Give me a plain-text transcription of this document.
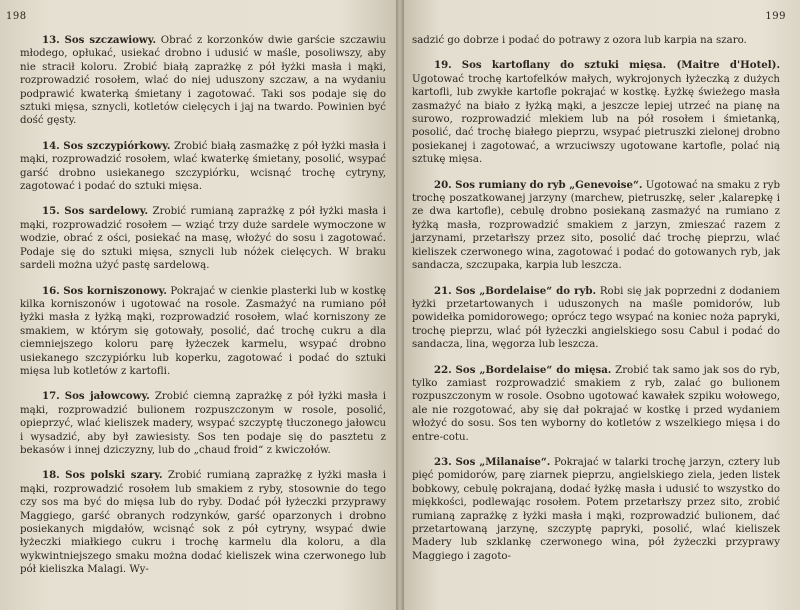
198

13. Sos szczawiowy. Obrać z korzonków dwie garście szczawiu młodego, opłukać, usiekać drobno i udusić w maśle, posoliwszy, aby nie stracił koloru. Zrobić białą zaprażkę z pół łyżki masła i mąki, rozprowadzić rosołem, wlać do niej uduszony szczaw, a na wydaniu podprawić kwaterką śmietany i zagotować. Taki sos podaje się do sztuki mięsa, sznycli, kotletów cielęcych i jaj na twardo. Powinien być dość gęsty.

14. Sos szczypiórkowy. Zrobić białą zasmażkę z pół łyżki masła i mąki, rozprowadzić rosołem, wlać kwaterkę śmietany, posolić, wsypać garść drobno usiekanego szczypiórku, wcisnąć trochę cytryny, zagotować i podać do sztuki mięsa.

15. Sos sardelowy. Zrobić rumianą zaprażkę z pół łyżki masła i mąki, rozprowadzić rosołem — wziąć trzy duże sardele wymoczone w wodzie, obrać z ości, posiekać na masę, włożyć do sosu i zagotować. Podaje się do sztuki mięsa, sznycli lub nóżek cielęcych. W braku sardeli można użyć pastę sardelową.

16. Sos korniszonowy. Pokrajać w cienkie plasterki lub w kostkę kilka korniszonów i ugotować na rosole. Zasmażyć na rumiano pół łyżki masła z łyżką mąki, rozprowadzić rosołem, wlać korniszony ze smakiem, w którym się gotowały, posolić, dać trochę cukru a dla ciemniejszego koloru parę łyżeczek karmelu, wsypać drobno usiekanego szczypiórku lub koperku, zagotować i podać do sztuki mięsa lub kotletów z kartofli.

17. Sos jałowcowy. Zrobić ciemną zaprażkę z pół łyżki masła i mąki, rozprowadzić bulionem rozpuszczonym w rosole, posolić, opieprzyć, wlać kieliszek madery, wsypać szczyptę tłuczonego jałowcu i wysadzić, aby był zawiesisty. Sos ten podaje się do pasztetu z bekasów i innej dziczyzny, lub do „chaud froid“ z kwiczołów.

18. Sos polski szary. Zrobić rumianą zaprażkę z łyżki masła i mąki, rozprowadzić rosołem lub smakiem z ryby, stosownie do tego czy sos ma być do mięsa lub do ryby. Dodać pół łyżeczki przyprawy Maggiego, garść obranych rodzynków, garść oparzonych i drobno posiekanych migdałów, wcisnąć sok z pół cytryny, wsypać dwie łyżeczki miałkiego cukru i trochę karmelu dla koloru, a dla wykwintniejszego smaku można dodać kieliszek wina czerwonego lub pół kieliszka Malagi. Wy-

199

sadzić go dobrze i podać do potrawy z ozora lub karpia na szaro.

19. Sos kartoflany do sztuki mięsa. (Maitre d'Hotel). Ugotować trochę kartofelków małych, wykrojonych łyżeczką z dużych kartofli, lub zwykłe kartofle pokrajać w kostkę. Łyżkę świeżego masła zasmażyć na biało z łyżką mąki, a jeszcze lepiej utrzeć na pianę na surowo, rozprowadzić mlekiem lub na pół rosołem i śmietanką, posolić, dać trochę białego pieprzu, wsypać pietruszki zielonej drobno posiekanej i zagotować, a wrzuciwszy ugotowane kartofle, polać nią sztukę mięsa.

20. Sos rumiany do ryb „Genevoise“. Ugotować na smaku z ryb trochę poszatkowanej jarzyny (marchew, pietruszkę, seler ,kalarepkę i ze dwa kartofle), cebulę drobno posiekaną zasmażyć na rumiano z łyżką masła, rozprowadzić smakiem z jarzyn, zmieszać razem z jarzynami, przetarłszy przez sito, posolić dać trochę pieprzu, wlać kieliszek czerwonego wina, zagotować i podać do gotowanych ryb, jak sandacza, szczupaka, karpia lub leszcza.

21. Sos „Bordelaise“ do ryb. Robi się jak poprzedni z dodaniem łyżki przetartowanych i uduszonych na maśle pomidorów, lub powidełka pomidorowego; oprócz tego wsypać na koniec noża papryki, trochę pieprzu, wlać pół łyżeczki angielskiego sosu Cabul i podać do sandacza, lina, węgorza lub leszcza.

22. Sos „Bordelaise“ do mięsa. Zrobić tak samo jak sos do ryb, tylko zamiast rozprowadzić smakiem z ryb, zalać go bulionem rozpuszczonym w rosole. Osobno ugotować kawałek szpiku wołowego, ale nie rozgotować, aby się dał pokrajać w kostkę i przed wydaniem włożyć do sosu. Sos ten wyborny do kotletów z wszelkiego mięsa i do entre-cotu.

23. Sos „Milanaise“. Pokrajać w talarki trochę jarzyn, cztery lub pięć pomidorów, parę ziarnek pieprzu, angielskiego ziela, jeden listek bobkowy, cebulę pokrajaną, dodać łyżkę masła i udusić to wszystko do miękkości, podlewając rosołem. Potem przetarłszy przez sito, zrobić rumianą zaprażkę z łyżki masła i mąki, rozprowadzić bulionem, dać przetartowaną jarzynę, szczyptę papryki, posolić, wlać kieliszek Madery lub szklankę czerwonego wina, pół żyżeczki przyprawy Maggiego i zagoto-
